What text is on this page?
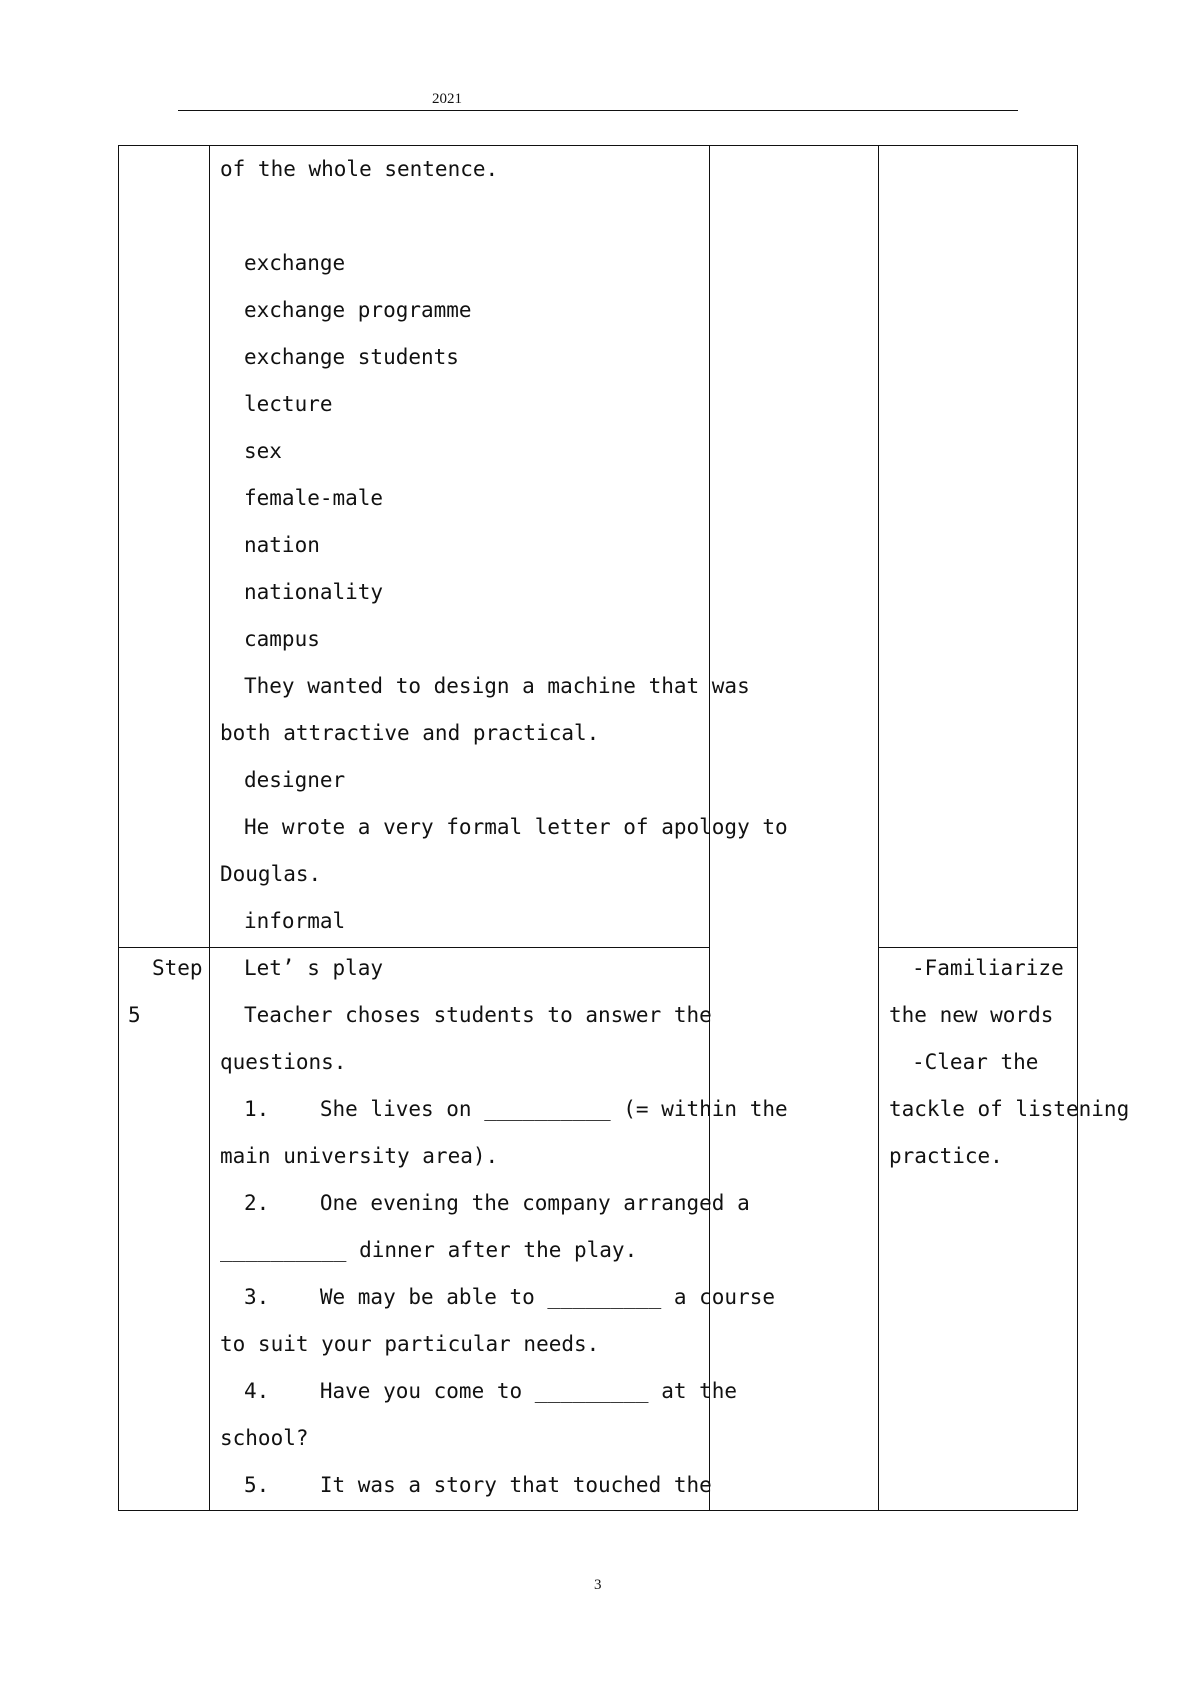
2021
of the whole sentence.
exchange
exchange programme
exchange students
lecture
sex
female-male
nation
nationality
campus
They wanted to design a machine that was
both attractive and practical.
designer
He wrote a very formal letter of apology to
Douglas.
informal
Step
5
Let’ s play
Teacher choses students to answer the
questions.
1.    She lives on __________ (= within the
main university area).
2.    One evening the company arranged a
__________ dinner after the play.
3.    We may be able to _________ a course
to suit your particular needs.
4.    Have you come to _________ at the
school?
5.    It was a story that touched the
-Familiarize
the new words
-Clear the
tackle of listening
practice.
3
